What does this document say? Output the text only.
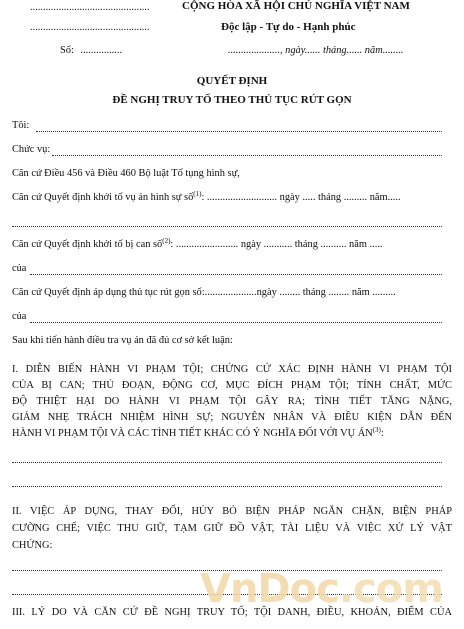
..............................................
..............................................
Số: ................
CỘNG HÒA XÃ HỘI CHỦ NGHĨA VIỆT NAM
Độc lập - Tự do - Hạnh phúc
...................., ngày...... tháng...... năm........
QUYẾT ĐỊNH
ĐỀ NGHỊ TRUY TỐ THEO THỦ TỤC RÚT GỌN
Tôi:
Chức vụ:
Căn cứ Điều 456 và Điều 460 Bộ luật Tố tụng hình sự,
Căn cứ Quyết định khởi tố vụ án hình sự số$^{(1)}$: ........................... ngày ..... tháng ......... năm.....
Căn cứ Quyết định khởi tố bị can số$^{(2)}$: ........................ ngày ........... tháng .......... năm .....
của
Căn cứ Quyết định áp dụng thủ tục rút gọn số:....................ngày ........ tháng ........ năm .........
của
Sau khi tiến hành điều tra vụ án đã đủ cơ sở kết luận:
I. DIỄN BIẾN HÀNH VI PHẠM TỘI; CHỨNG CỨ XÁC ĐỊNH HÀNH VI PHẠM TỘI
CỦA BỊ CAN; THỦ ĐOẠN, ĐỘNG CƠ, MỤC ĐÍCH PHẠM TỘI; TÍNH CHẤT, MỨC
ĐỘ THIỆT HẠI DO HÀNH VI PHẠM TỘI GÂY RA; TÌNH TIẾT TĂNG NẶNG,
GIẢM NHẸ TRÁCH NHIỆM HÌNH SỰ; NGUYÊN NHÂN VÀ ĐIỀU KIỆN DẪN ĐẾN
HÀNH VI PHẠM TỘI VÀ CÁC TÌNH TIẾT KHÁC CÓ Ý NGHĨA ĐỐI VỚI VỤ ÁN$^{(3)}$:
II. VIỆC ÁP DỤNG, THAY ĐỔI, HỦY BỎ BIỆN PHÁP NGĂN CHẶN, BIỆN PHÁP
CƯỠNG CHẾ; VIỆC THU GIỮ, TẠM GIỮ ĐỒ VẬT, TÀI LIỆU VÀ VIỆC XỬ LÝ VẬT
CHỨNG:
VnDoc.com
III. LÝ DO VÀ CĂN CỨ ĐỀ NGHỊ TRUY TỐ; TỘI DANH, ĐIỀU, KHOẢN, ĐIỂM CỦA
